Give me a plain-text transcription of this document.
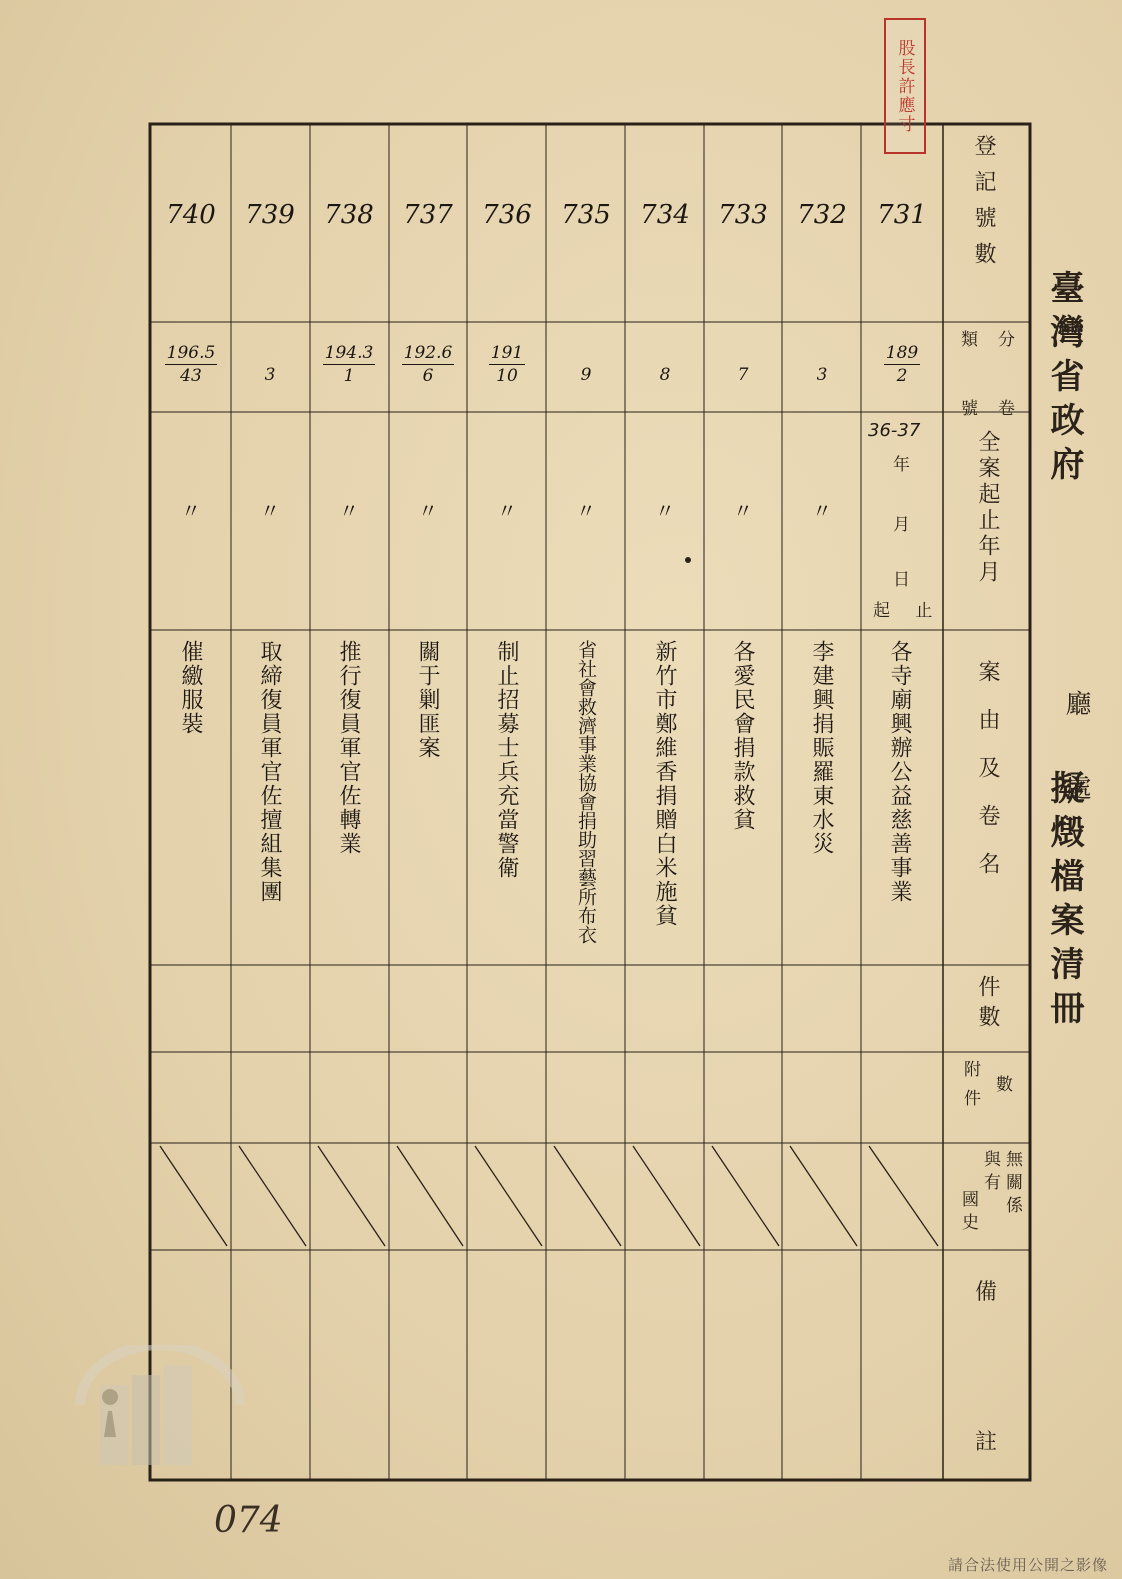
臺灣省政府
廳 處
擬燬檔案清冊
股長許應寸
登記號數
分 卷
類 號
全案起止年月
案由及卷名
件數
數
附件
無關係
與有
國史
備
註
36-37
年
月
日
起 止
731
189
2
各寺廟興辦公益慈善事業
732
3
〃
李建興捐賑羅東水災
733
7
〃
各愛民會捐款救貧
734
8
〃
新竹市鄭維香捐贈白米施貧
735
9
〃
省社會救濟事業協會捐助習藝所布衣
736
191
10
〃
制止招募士兵充當警衛
737
192.6
6
〃
關于剿匪案
738
194.3
1
〃
推行復員軍官佐轉業
739
3
〃
取締復員軍官佐擅組集團
740
196.5
43
〃
催繳服裝
074
請合法使用公開之影像
